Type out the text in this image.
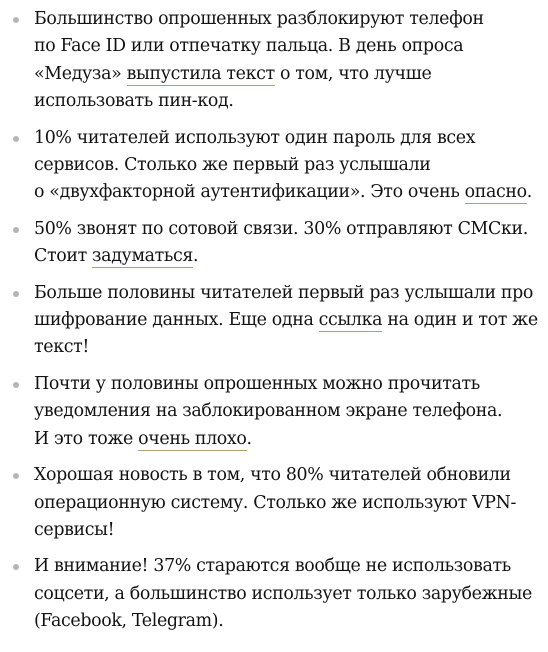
Большинство опрошенных разблокируют телефон
по Face ID или отпечатку пальца. В день опроса
«Медуза» выпустила текст о том, что лучше
использовать пин-код.
10% читателей используют один пароль для всех
сервисов. Столько же первый раз услышали
о «двухфакторной аутентификации». Это очень опасно.
50% звонят по сотовой связи. 30% отправляют СМСки.
Стоит задуматься.
Больше половины читателей первый раз услышали про
шифрование данных. Еще одна ссылка на один и тот же
текст!
Почти у половины опрошенных можно прочитать
уведомления на заблокированном экране телефона.
И это тоже очень плохо.
Хорошая новость в том, что 80% читателей обновили
операционную систему. Столько же используют VPN-
сервисы!
И внимание! 37% стараются вообще не использовать
соцсети, а большинство использует только зарубежные
(Facebook, Telegram).
